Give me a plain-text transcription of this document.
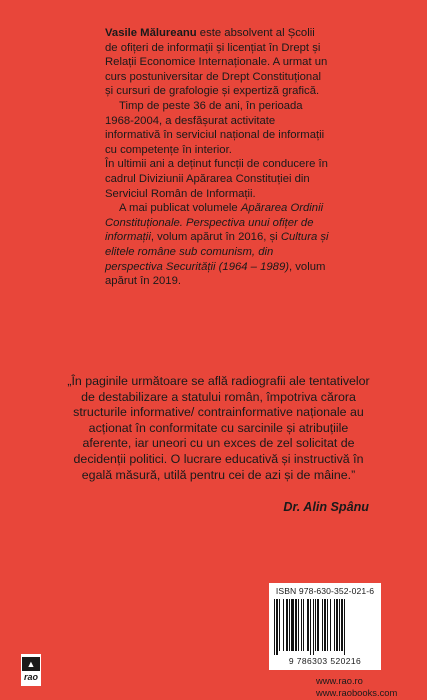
Vasile Mălureanu este absolvent al Școlii de ofițeri de informații și licențiat în Drept și Relații Economice Internaționale. A urmat un curs postuniversitar de Drept Constituțional și cursuri de grafologie și expertiză grafică.

Timp de peste 36 de ani, în perioada 1968-2004, a desfășurat activitate informativă în serviciul național de informații cu competențe în interior.

În ultimii ani a deținut funcții de conducere în cadrul Diviziunii Apărarea Constituției din Serviciul Român de Informații.

A mai publicat volumele Apărarea Ordinii Constituționale. Perspectiva unui ofițer de informații, volum apărut în 2016, și Cultura și elitele române sub comunism, din perspectiva Securității (1964 – 1989), volum apărut în 2019.

„În paginile următoare se află radiografii ale tentativelor de destabilizare a statului român, împotriva cărora structurile informative/ contrainformative naționale au acționat în conformitate cu sarcinile și atribuțiile aferente, iar uneori cu un exces de zel solicitat de decidenții politici. O lucrare educativă și instructivă în egală măsură, utilă pentru cei de azi și de mâine.”

Dr. Alin Spânu
▲
rao
ISBN 978-630-352-021-6
9 786303 520216
www.rao.ro
www.raobooks.com
